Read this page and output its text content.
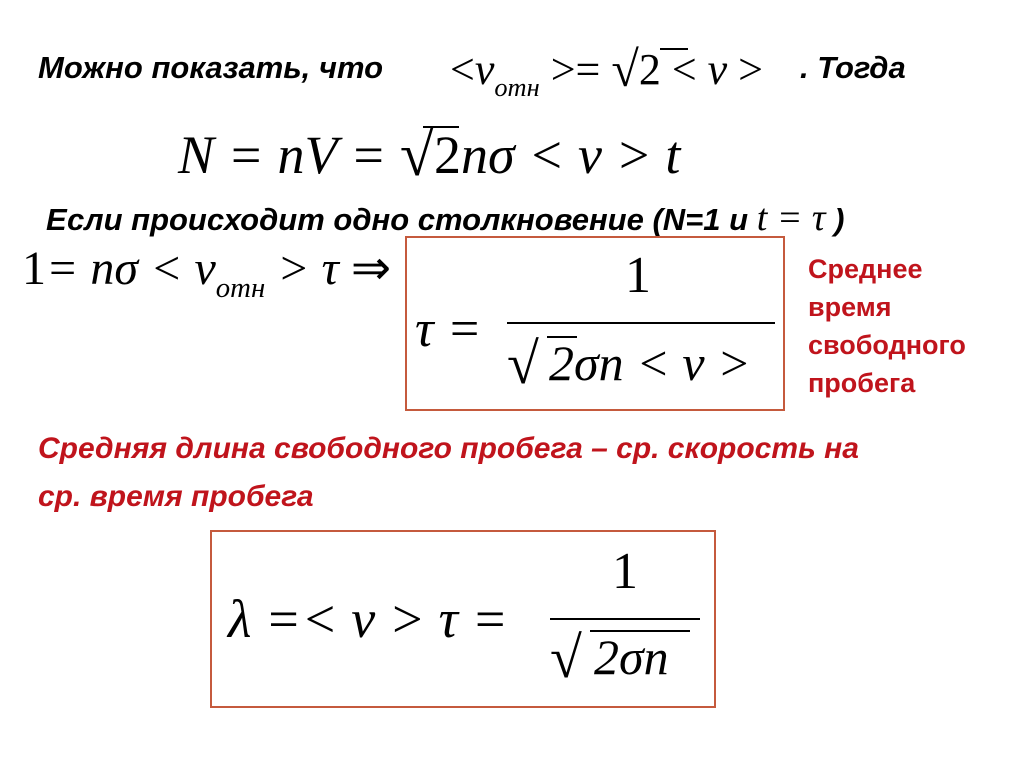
Можно показать, что $<v_{отн} >= √2 < v$ > . Тогда
N = nV = √2nσ < v > t
Если происходит одно столкновение (N=1 и t = τ )
$1= n\sigma < v_{отн} > \tau$ ⇒
τ =
1
√ 2σn < v >
Среднее
время
свободного
пробега
Средняя длина свободного пробега – ср. скорость на
ср. время пробега
λ =< v > τ =
1
√ 2σn
